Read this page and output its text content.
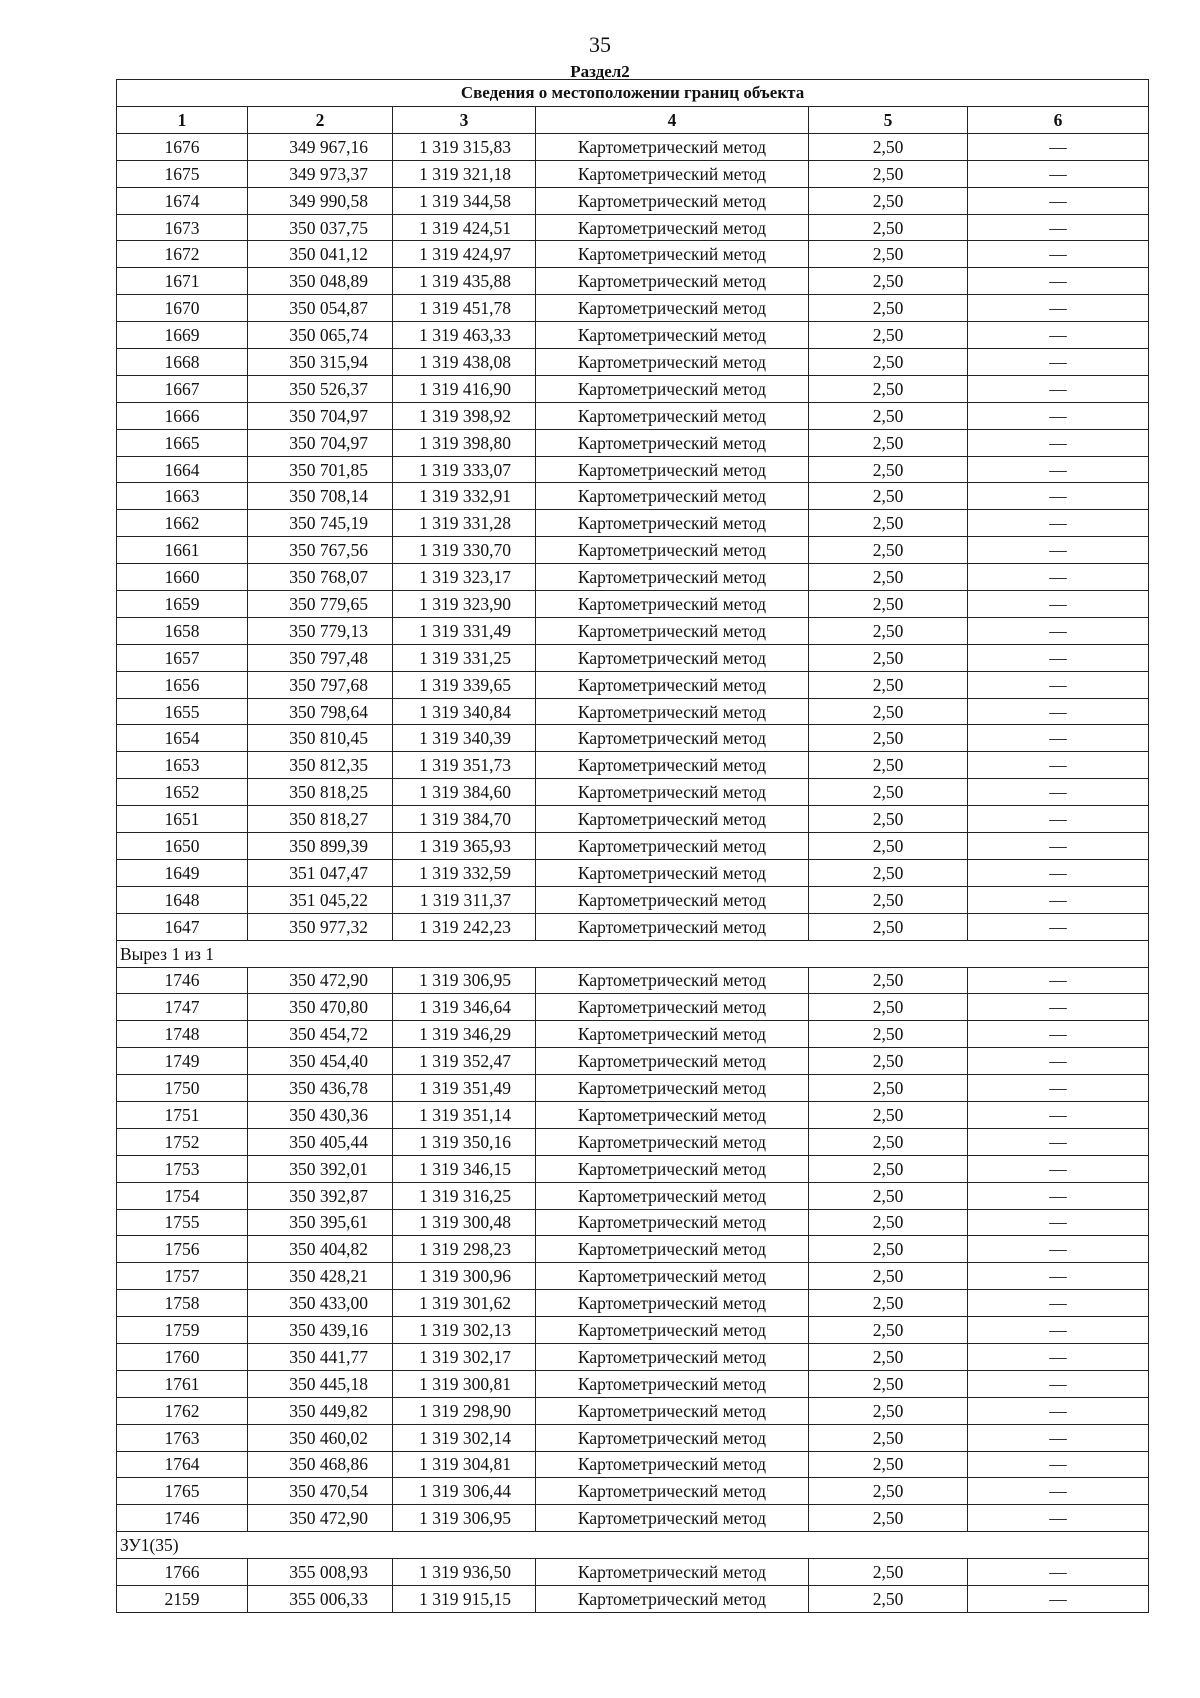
35
Раздел2
Сведения о местоположении границ объекта					
1	2	3	4	5	6
1676	349 967,16	1 319 315,83	Картометрический метод	2,50	—
1675	349 973,37	1 319 321,18	Картометрический метод	2,50	—
1674	349 990,58	1 319 344,58	Картометрический метод	2,50	—
1673	350 037,75	1 319 424,51	Картометрический метод	2,50	—
1672	350 041,12	1 319 424,97	Картометрический метод	2,50	—
1671	350 048,89	1 319 435,88	Картометрический метод	2,50	—
1670	350 054,87	1 319 451,78	Картометрический метод	2,50	—
1669	350 065,74	1 319 463,33	Картометрический метод	2,50	—
1668	350 315,94	1 319 438,08	Картометрический метод	2,50	—
1667	350 526,37	1 319 416,90	Картометрический метод	2,50	—
1666	350 704,97	1 319 398,92	Картометрический метод	2,50	—
1665	350 704,97	1 319 398,80	Картометрический метод	2,50	—
1664	350 701,85	1 319 333,07	Картометрический метод	2,50	—
1663	350 708,14	1 319 332,91	Картометрический метод	2,50	—
1662	350 745,19	1 319 331,28	Картометрический метод	2,50	—
1661	350 767,56	1 319 330,70	Картометрический метод	2,50	—
1660	350 768,07	1 319 323,17	Картометрический метод	2,50	—
1659	350 779,65	1 319 323,90	Картометрический метод	2,50	—
1658	350 779,13	1 319 331,49	Картометрический метод	2,50	—
1657	350 797,48	1 319 331,25	Картометрический метод	2,50	—
1656	350 797,68	1 319 339,65	Картометрический метод	2,50	—
1655	350 798,64	1 319 340,84	Картометрический метод	2,50	—
1654	350 810,45	1 319 340,39	Картометрический метод	2,50	—
1653	350 812,35	1 319 351,73	Картометрический метод	2,50	—
1652	350 818,25	1 319 384,60	Картометрический метод	2,50	—
1651	350 818,27	1 319 384,70	Картометрический метод	2,50	—
1650	350 899,39	1 319 365,93	Картометрический метод	2,50	—
1649	351 047,47	1 319 332,59	Картометрический метод	2,50	—
1648	351 045,22	1 319 311,37	Картометрический метод	2,50	—
1647	350 977,32	1 319 242,23	Картометрический метод	2,50	—
Вырез 1 из 1					
1746	350 472,90	1 319 306,95	Картометрический метод	2,50	—
1747	350 470,80	1 319 346,64	Картометрический метод	2,50	—
1748	350 454,72	1 319 346,29	Картометрический метод	2,50	—
1749	350 454,40	1 319 352,47	Картометрический метод	2,50	—
1750	350 436,78	1 319 351,49	Картометрический метод	2,50	—
1751	350 430,36	1 319 351,14	Картометрический метод	2,50	—
1752	350 405,44	1 319 350,16	Картометрический метод	2,50	—
1753	350 392,01	1 319 346,15	Картометрический метод	2,50	—
1754	350 392,87	1 319 316,25	Картометрический метод	2,50	—
1755	350 395,61	1 319 300,48	Картометрический метод	2,50	—
1756	350 404,82	1 319 298,23	Картометрический метод	2,50	—
1757	350 428,21	1 319 300,96	Картометрический метод	2,50	—
1758	350 433,00	1 319 301,62	Картометрический метод	2,50	—
1759	350 439,16	1 319 302,13	Картометрический метод	2,50	—
1760	350 441,77	1 319 302,17	Картометрический метод	2,50	—
1761	350 445,18	1 319 300,81	Картометрический метод	2,50	—
1762	350 449,82	1 319 298,90	Картометрический метод	2,50	—
1763	350 460,02	1 319 302,14	Картометрический метод	2,50	—
1764	350 468,86	1 319 304,81	Картометрический метод	2,50	—
1765	350 470,54	1 319 306,44	Картометрический метод	2,50	—
1746	350 472,90	1 319 306,95	Картометрический метод	2,50	—
ЗУ1(35)					
1766	355 008,93	1 319 936,50	Картометрический метод	2,50	—
2159	355 006,33	1 319 915,15	Картометрический метод	2,50	—
